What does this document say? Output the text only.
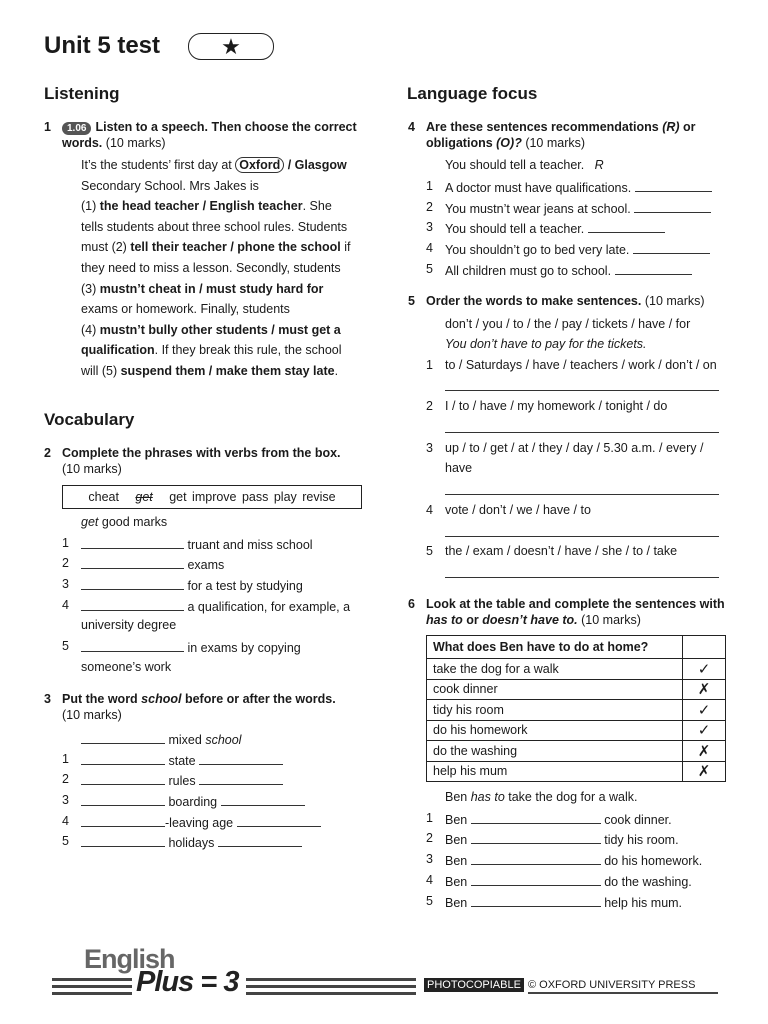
Unit 5 test	★
Listening
1 1.06 Listen to a speech. Then choose the correct words. (10 marks)
It’s the students’ first day at Oxford / Glasgow Secondary School. Mrs Jakes is
(1) the head teacher / English teacher. She tells students about three school rules. Students must (2) tell their teacher / phone the school if they need to miss a lesson. Secondly, students
(3) mustn’t cheat in / must study hard for exams or homework. Finally, students
(4) mustn’t bully other students / must get a qualification. If they break this rule, the school will (5) suspend them / make them stay late.
Vocabulary
2 Complete the phrases with verbs from the box.
(10 marks)
cheat get get improve pass play revise
get good marks
1	truant and miss school
2	exams
3	for a test by studying
4	a qualification, for example, a
university degree
5	in exams by copying
someone’s work
3 Put the word school before or after the words.
(10 marks)
mixed school
1	state
2	rules
3	boarding
4	-leaving age
5	holidays
Language focus
4 Are these sentences recommendations (R) or obligations (O)? (10 marks)
You should tell a teacher. R
1 A doctor must have qualifications.
2 You mustn’t wear jeans at school.
3 You should tell a teacher.
4 You shouldn’t go to bed very late.
5 All children must go to school.
5 Order the words to make sentences. (10 marks)
don’t / you / to / the / pay / tickets / have / for
You don’t have to pay for the tickets.
1 to / Saturdays / have / teachers / work / don’t / on
2 I / to / have / my homework / tonight / do
3 up / to / get / at / they / day / 5.30 a.m. / every /
have
4 vote / don’t / we / have / to
5 the / exam / doesn’t / have / she / to / take
6 Look at the table and complete the sentences with has to or doesn’t have to. (10 marks)
What does Ben have to do at home?	
take the dog for a walk	✓
cook dinner	✗
tidy his room	✓
do his homework	✓
do the washing	✗
help his mum	✗
Ben has to take the dog for a walk.
1 Ben	cook dinner.
2 Ben	tidy his room.
3 Ben	do his homework.
4 Ben	do the washing.
5 Ben	help his mum.
English
Plus = 3	PHOTOCOPIABLE © OXFORD UNIVERSITY PRESS
